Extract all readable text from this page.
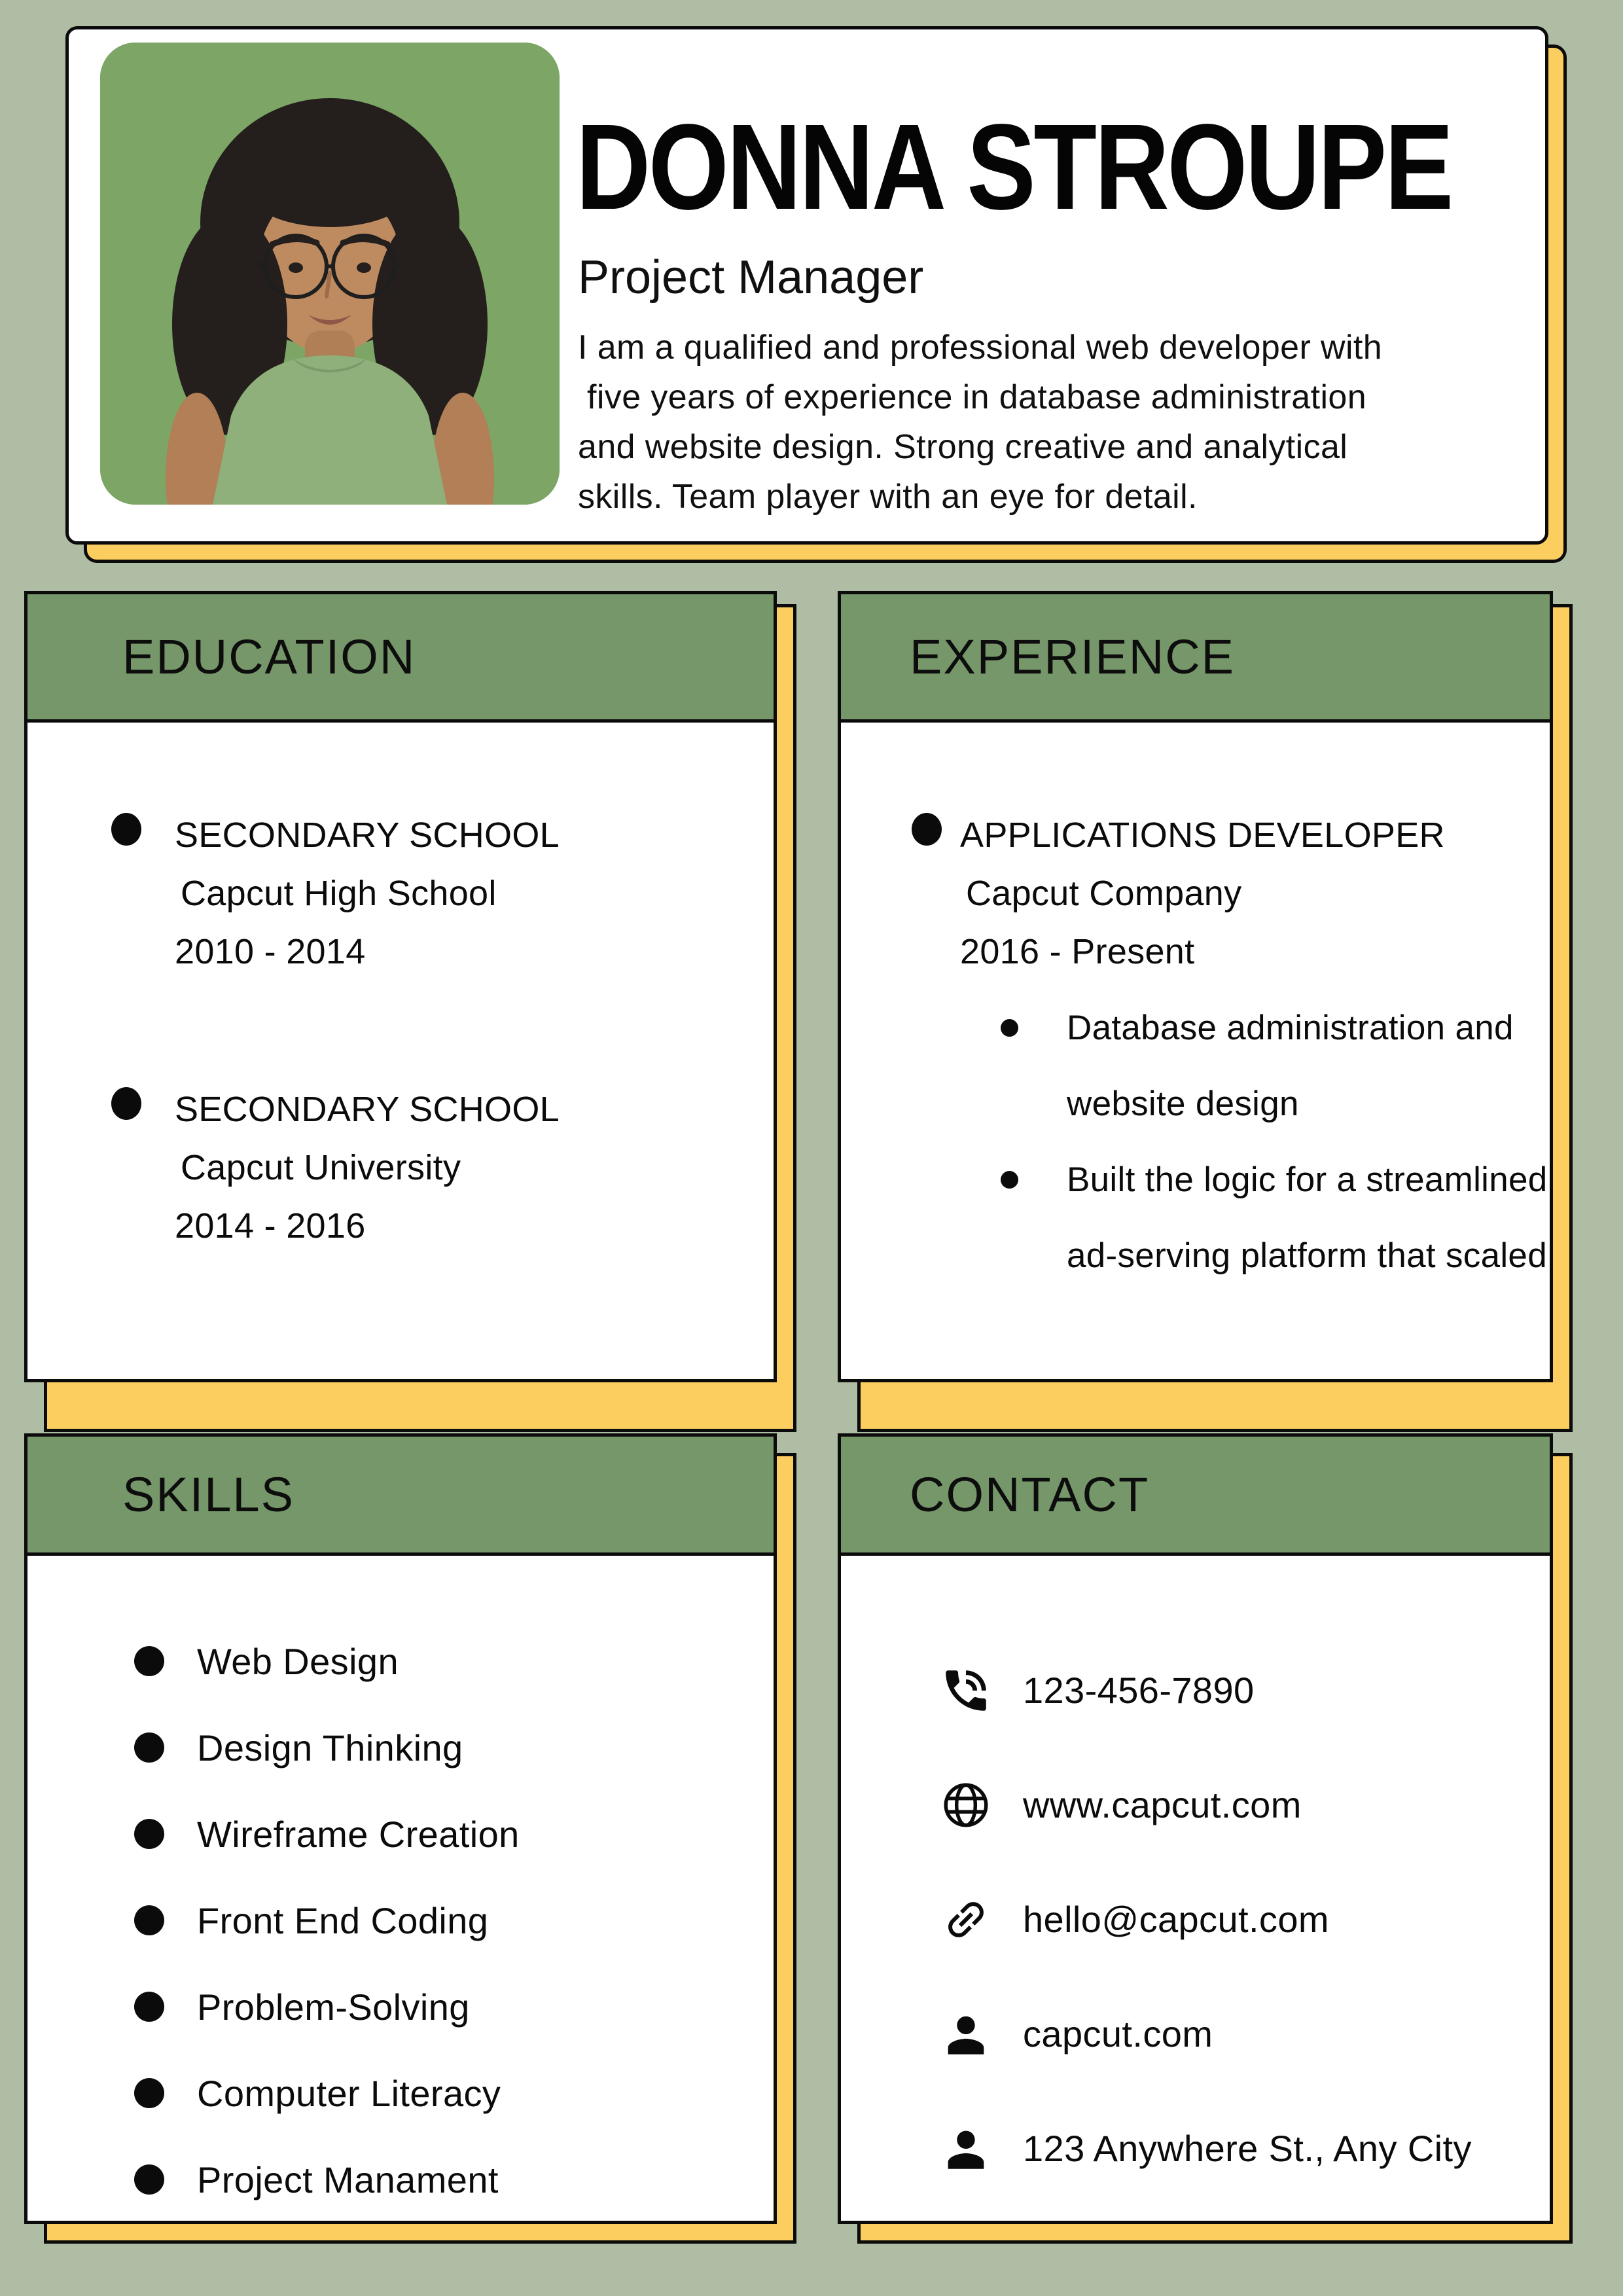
DONNA STROUPE
Project Manager
I am a qualified and professional web developer with
five years of experience in database administration
and website design. Strong creative and analytical
skills. Team player with an eye for detail.
EDUCATION
SECONDARY SCHOOL
Capcut High School
2010 - 2014
SECONDARY SCHOOL
Capcut University
2014 - 2016
EXPERIENCE
APPLICATIONS DEVELOPER
Capcut Company
2016 - Present
Database administration and website design
Built the logic for a streamlined ad-serving platform that scaled
SKILLS
Web Design
Design Thinking
Wireframe Creation
Front End Coding
Problem-Solving
Computer Literacy
Project Manament
CONTACT
123-456-7890
www.capcut.com
hello@capcut.com
capcut.com
123 Anywhere St., Any City
